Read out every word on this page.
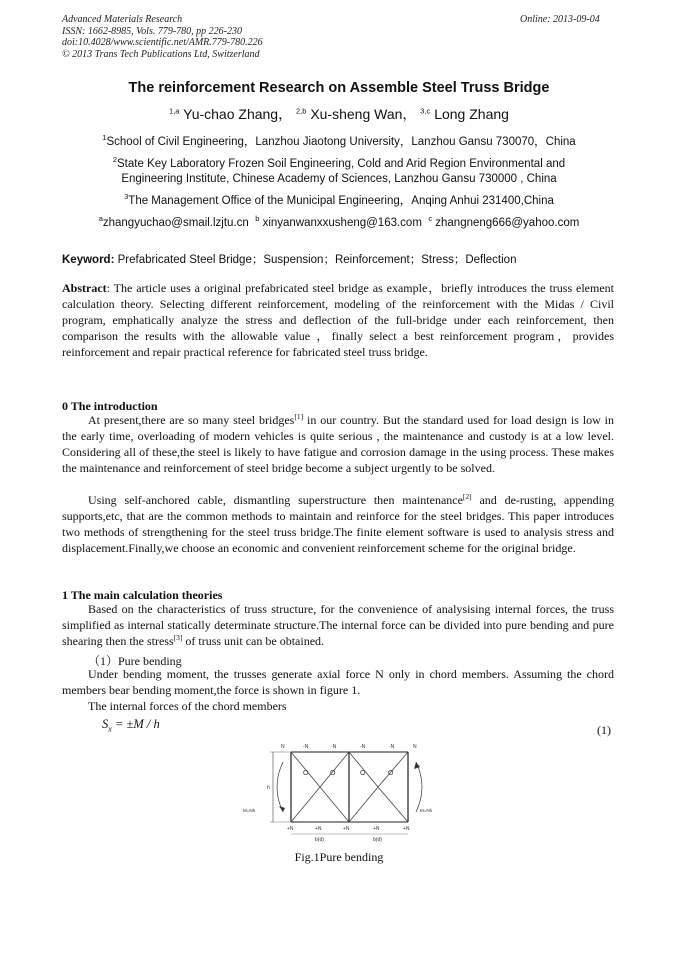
Advanced Materials Research
ISSN: 1662-8985, Vols. 779-780, pp 226-230
doi:10.4028/www.scientific.net/AMR.779-780.226
© 2013 Trans Tech Publications Ltd, Switzerland
Online: 2013-09-04
The reinforcement Research on Assemble Steel Truss Bridge
$^{1,a}$ Yu-chao Zhang， $^{2,b}$ Xu-sheng Wan， $^{3,c}$ Long Zhang
$^1$School of Civil Engineering，Lanzhou Jiaotong University，Lanzhou Gansu 730070，China
$^2$State Key Laboratory Frozen Soil Engineering, Cold and Arid Region Environmental and
Engineering Institute, Chinese Academy of Sciences, Lanzhou Gansu 730000 , China
$^3$The Management Office of the Municipal Engineering，Anqing Anhui 231400,China
$^a$zhangyuchao@smail.lzjtu.cn $^b$ xinyanwanxxusheng@163.com $^c$ zhangneng666@yahoo.com
Keyword: Prefabricated Steel Bridge；Suspension；Reinforcement；Stress；Deflection
Abstract: The article uses a original prefabricated steel bridge as example，briefly introduces the truss element calculation theory. Selecting different reinforcement, modeling of the reinforcement with the Midas / Civil program, emphatically analyze the stress and deflection of the full-bridge under each reinforcement, then comparison the results with the allowable value ，finally select a best reinforcement program，provides reinforcement and repair practical reference for fabricated steel truss bridge.
0 The introduction
At present,there are so many steel bridges[1] in our country. But the standard used for load design is low in the early time, overloading of modern vehicles is quite serious , the maintenance and custody is at a low level. Considering all of these,the steel is likely to have fatigue and corrosion damage in the using process. These makes the maintenance and reinforcement of steel bridge become a subject urgently to be solved.
Using self-anchored cable, dismantling superstructure then maintenance[2] and de-rusting, appending supports,etc, that are the common methods to maintain and reinforce for the steel bridges. This paper introduces two methods of strengthening for the steel truss bridge.The finite element software is used to analysis stress and displacement.Finally,we choose an economic and convenient reinforcement scheme for the original bridge.
1 The main calculation theories
Based on the characteristics of truss structure, for the convenience of analysising internal forces, the truss simplified as internal statically determinate structure.The internal force can be divided into pure bending and pure shearing then the stress[3] of truss unit can be obtained.
（1）Pure bending
Under bending moment, the trusses generate axial force N only in chord members. Assuming the chord members bear bending moment,the force is shown in figure 1.
The internal forces of the chord members
$S_x = \pm M / h$	(1)
O	O	O	O
N	-N	-N	-N	-N	N
+N	+N	+N	+N	+N
b(d)	b(d)
h
M=Nh	M=Nh
Fig.1Pure bending
